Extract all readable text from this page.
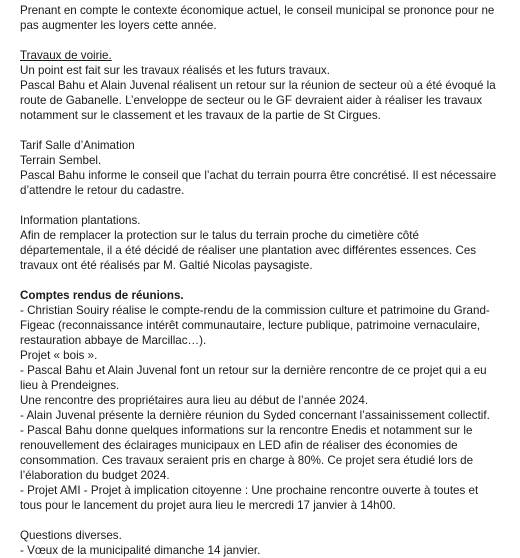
Prenant en compte le contexte économique actuel, le conseil municipal se prononce pour ne
pas augmenter les loyers cette année.
Travaux de voirie.
Un point est fait sur les travaux réalisés et les futurs travaux.
Pascal Bahu et Alain Juvenal réalisent un retour sur la réunion de secteur où a été évoqué la
route de Gabanelle. L’enveloppe de secteur ou le GF devraient aider à réaliser les travaux
notamment sur le classement et les travaux de la partie de St Cirgues.
Tarif Salle d’Animation
Terrain Sembel.
Pascal Bahu informe le conseil que l’achat du terrain pourra être concrétisé. Il est nécessaire
d’attendre le retour du cadastre.
Information plantations.
Afin de remplacer la protection sur le talus du terrain proche du cimetière côté
départementale, il a été décidé de réaliser une plantation avec différentes essences. Ces
travaux ont été réalisés par M. Galtié Nicolas paysagiste.
Comptes rendus de réunions.
- Christian Souiry réalise le compte-rendu de la commission culture et patrimoine du Grand-
Figeac (reconnaissance intérêt communautaire, lecture publique, patrimoine vernaculaire,
restauration abbaye de Marcillac…).
Projet « bois ».
- Pascal Bahu et Alain Juvenal font un retour sur la dernière rencontre de ce projet qui a eu
lieu à Prendeignes.
Une rencontre des propriétaires aura lieu au début de l’année 2024.
- Alain Juvenal présente la dernière réunion du Syded concernant l’assainissement collectif.
- Pascal Bahu donne quelques informations sur la rencontre Enedis et notamment sur le
renouvellement des éclairages municipaux en LED afin de réaliser des économies de
consommation. Ces travaux seraient pris en charge à 80%. Ce projet sera étudié lors de
l’élaboration du budget 2024.
- Projet AMI - Projet à implication citoyenne : Une prochaine rencontre ouverte à toutes et
tous pour le lancement du projet aura lieu le mercredi 17 janvier à 14h00.
Questions diverses.
- Vœux de la municipalité dimanche 14 janvier.
